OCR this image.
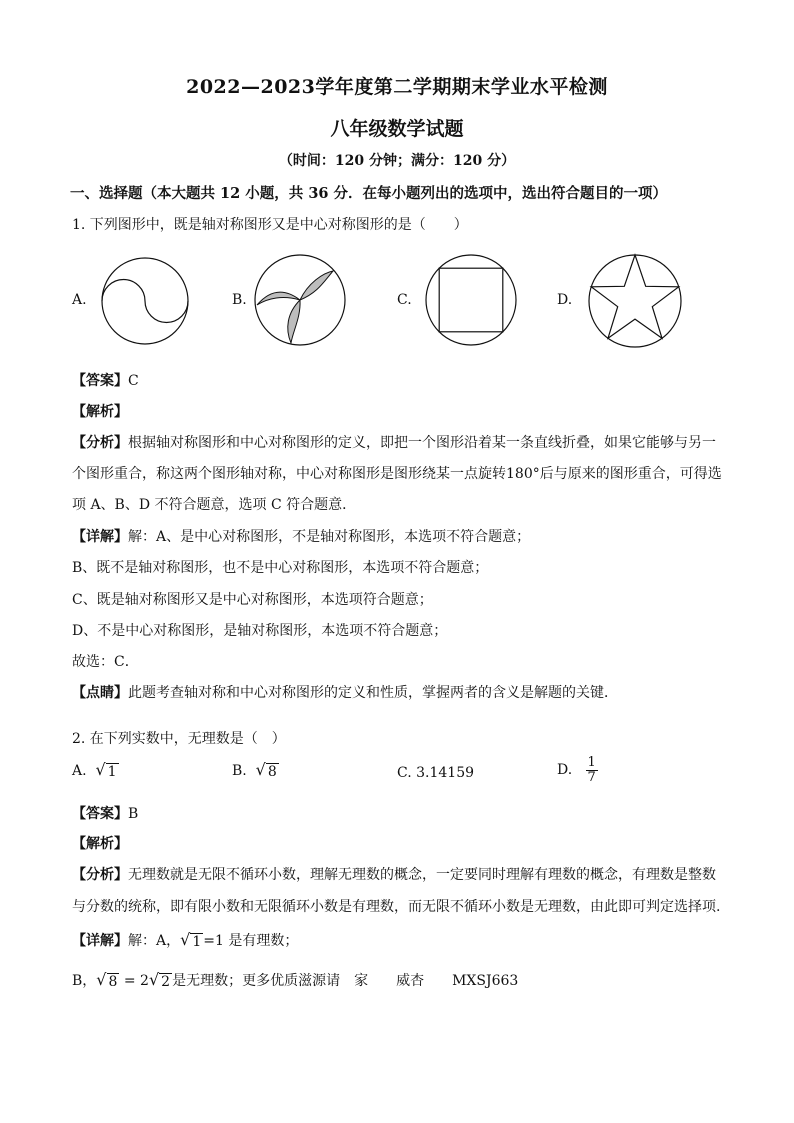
2022—2023学年度第二学期期末学业水平检测
八年级数学试题
（时间：120 分钟；满分：120 分）
一、选择题（本大题共 12 小题，共 36 分．在每小题列出的选项中，选出符合题目的一项）
1. 下列图形中，既是轴对称图形又是中心对称图形的是（　　）
A.	B.	C.	D.
【答案】C
【解析】
【分析】根据轴对称图形和中心对称图形的定义，即把一个图形沿着某一条直线折叠，如果它能够与另一
个图形重合，称这两个图形轴对称，中心对称图形是图形绕某一点旋转180°后与原来的图形重合，可得选
项 A、B、D 不符合题意，选项 C 符合题意．
【详解】解：A、是中心对称图形，不是轴对称图形，本选项不符合题意；
B、既不是轴对称图形，也不是中心对称图形，本选项不符合题意；
C、既是轴对称图形又是中心对称图形，本选项符合题意；
D、不是中心对称图形，是轴对称图形，本选项不符合题意；
故选：C．
【点睛】此题考查轴对称和中心对称图形的定义和性质，掌握两者的含义是解题的关键．
2. 在下列实数中，无理数是（　）
A. √ 1	B. √ 8	C. 3.14159	D. $\frac{1}{7}$
【答案】B
【解析】
【分析】无理数就是无限不循环小数，理解无理数的概念，一定要同时理解有理数的概念，有理数是整数
与分数的统称，即有限小数和无限循环小数是有理数，而无限不循环小数是无理数，由此即可判定选择项.
【详解】解：A， √ 1 =1 是有理数；
B， √ 8 = 2 √ 2 是无理数；更多优质滋源请　家　　威杏　　MXSJ663
